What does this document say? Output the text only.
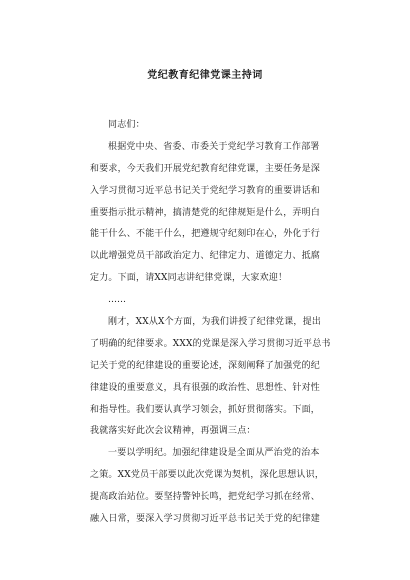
党纪教育纪律党课主持词
同志们：
根据党中央、省委、市委关于党纪学习教育工作部署
和要求，今天我们开展党纪教育纪律党课，主要任务是深
入学习贯彻习近平总书记关于党纪学习教育的重要讲话和
重要指示批示精神，搞清楚党的纪律规矩是什么，弄明白
能干什么、不能干什么，把遵规守纪刻印在心，外化于行
以此增强党员干部政治定力、纪律定力、道德定力、抵腐
定力。下面，请XX同志讲纪律党课，大家欢迎！
……
刚才，XX从X个方面，为我们讲授了纪律党课，提出
了明确的纪律要求。XXX的党课是深入学习贯彻习近平总书
记关于党的纪律建设的重要论述，深刻阐释了加强党的纪
律建设的重要意义，具有很强的政治性、思想性、针对性
和指导性。我们要认真学习领会，抓好贯彻落实。下面，
我就落实好此次会议精神，再强调三点：
一要以学明纪。加强纪律建设是全面从严治党的治本
之策。XX党员干部要以此次党课为契机，深化思想认识，
提高政治站位。要坚持警钟长鸣，把党纪学习抓在经常、
融入日常，要深入学习贯彻习近平总书记关于党的纪律建
